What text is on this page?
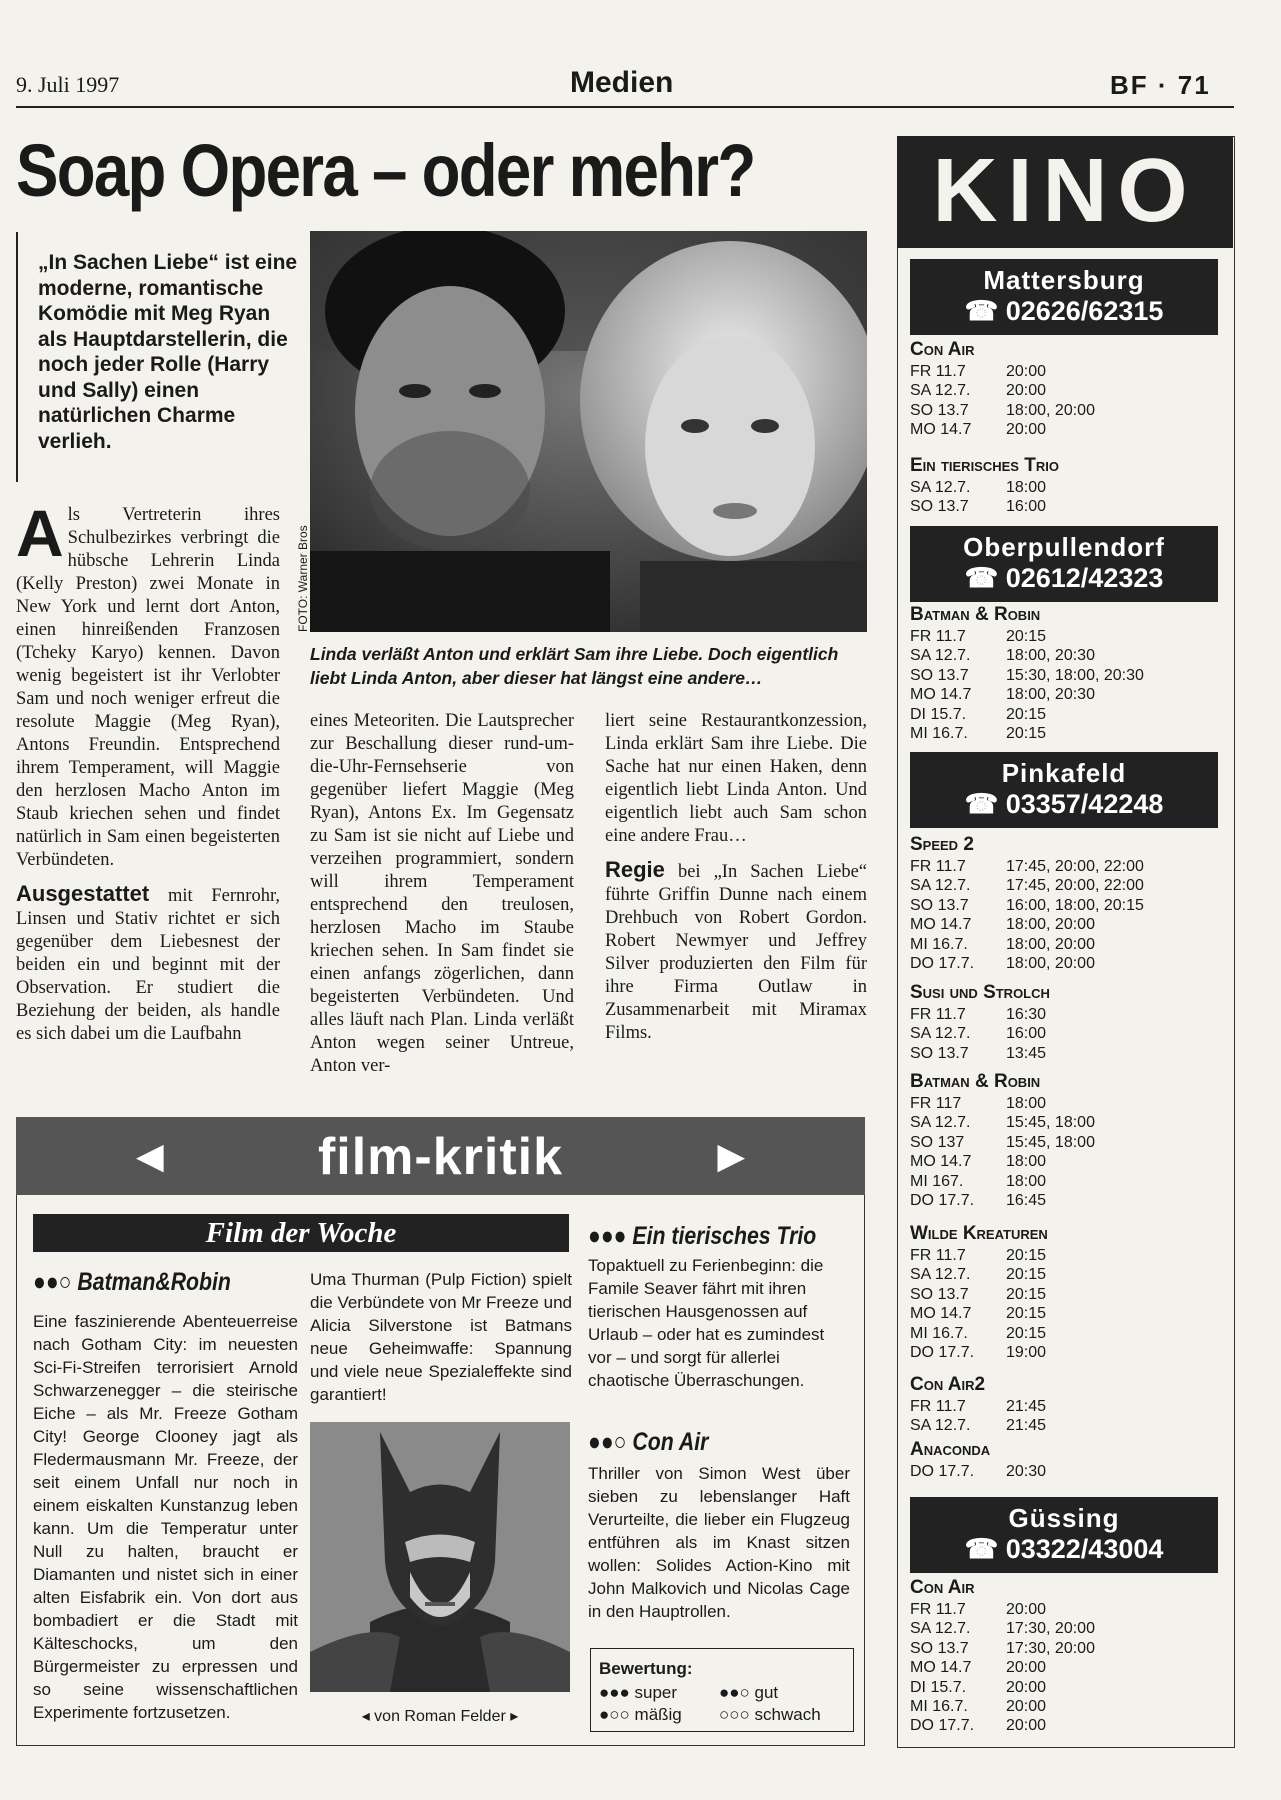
9. Juli 1997	Medien	BF · 71
Soap Opera – oder mehr?
„In Sachen Liebe“ ist eine moderne, romantische Komödie mit Meg Ryan als Hauptdarstellerin, die noch jeder Rolle (Harry und Sally) einen natürlichen Charme verlieh.
FOTO: Warner Bros
Linda verläßt Anton und erklärt Sam ihre Liebe. Doch eigentlich liebt Linda Anton, aber dieser hat längst eine andere…
Als Vertreterin ihres Schulbezirkes verbringt die hübsche Lehrerin Linda (Kelly Preston) zwei Monate in New York und lernt dort Anton, einen hinreißenden Franzosen (Tcheky Karyo) kennen. Davon wenig begeistert ist ihr Verlobter Sam und noch weniger erfreut die resolute Maggie (Meg Ryan), Antons Freundin. Entsprechend ihrem Temperament, will Maggie den herzlosen Macho Anton im Staub kriechen sehen und findet natürlich in Sam einen begeisterten Verbündeten.
Ausgestattet mit Fernrohr, Linsen und Stativ richtet er sich gegenüber dem Liebesnest der beiden ein und beginnt mit der Observation. Er studiert die Beziehung der beiden, als handle es sich dabei um die Laufbahn
eines Meteoriten. Die Lautsprecher zur Beschallung dieser rund-um-die-Uhr-Fernsehserie von gegenüber liefert Maggie (Meg Ryan), Antons Ex. Im Gegensatz zu Sam ist sie nicht auf Liebe und verzeihen programmiert, sondern will ihrem Temperament entsprechend den treulosen, herzlosen Macho im Staube kriechen sehen. In Sam findet sie einen anfangs zögerlichen, dann begeisterten Verbündeten. Und alles läuft nach Plan. Linda verläßt Anton wegen seiner Untreue, Anton ver-
liert seine Restaurantkonzession, Linda erklärt Sam ihre Liebe. Die Sache hat nur einen Haken, denn eigentlich liebt Linda Anton. Und eigentlich liebt auch Sam schon eine andere Frau…
Regie bei „In Sachen Liebe“ führte Griffin Dunne nach einem Drehbuch von Robert Gordon. Robert Newmyer und Jeffrey Silver produzierten den Film für ihre Firma Outlaw in Zusammenarbeit mit Miramax Films.
◀	film-kritik	▶
Film der Woche
●●○ Batman&Robin
Eine faszinierende Abenteuerreise nach Gotham City: im neuesten Sci-Fi-Streifen terrorisiert Arnold Schwarzenegger – die steirische Eiche – als Mr. Freeze Gotham City! George Clooney jagt als Fledermausmann Mr. Freeze, der seit einem Unfall nur noch in einem eiskalten Kunstanzug leben kann. Um die Temperatur unter Null zu halten, braucht er Diamanten und nistet sich in einer alten Eisfabrik ein. Von dort aus bombadiert er die Stadt mit Kälteschocks, um den Bürgermeister zu erpressen und so seine wissenschaftlichen Experimente fortzusetzen.
Uma Thurman (Pulp Fiction) spielt die Verbündete von Mr Freeze und Alicia Silverstone ist Batmans neue Geheimwaffe: Spannung und viele neue Spezialeffekte sind garantiert!
◂ von Roman Felder ▸
●●● Ein tierisches Trio
Topaktuell zu Ferienbeginn: die Famile Seaver fährt mit ihren tierischen Hausgenossen auf Urlaub – oder hat es zumindest vor – und sorgt für allerlei chaotische Überraschungen.
●●○ Con Air
Thriller von Simon West über sieben zu lebenslanger Haft Verurteilte, die lieber ein Flugzeug entführen als im Knast sitzen wollen: Solides Action-Kino mit John Malkovich und Nicolas Cage in den Hauptrollen.
Bewertung:
●●● super ●●○ gut
●○○ mäßig ○○○ schwach
KINO
Mattersburg
☎ 02626/62315
Oberpullendorf
☎ 02612/42323
Pinkafeld
☎ 03357/42248
Güssing
☎ 03322/43004
Con Air
FR 11.7	20:00
SA 12.7. 20:00
SO 13.7 18:00, 20:00
MO 14.7 20:00
Ein tierisches Trio
SA 12.7. 18:00
SO 13.7 16:00
Batman & Robin
FR 11.7	20:15
SA 12.7. 18:00, 20:30
SO 13.7 15:30, 18:00, 20:30
MO 14.7 18:00, 20:30
DI 15.7. 20:15
MI 16.7. 20:15
Speed 2
FR 11.7	17:45, 20:00, 22:00
SA 12.7. 17:45, 20:00, 22:00
SO 13.7 16:00, 18:00, 20:15
MO 14.7 18:00, 20:00
MI 16.7. 18:00, 20:00
DO 17.7. 18:00, 20:00
Susi und Strolch
FR 11.7	16:30
SA 12.7. 16:00
SO 13.7 13:45
Batman & Robin
FR 117	18:00
SA 12.7. 15:45, 18:00
SO 137	15:45, 18:00
MO 14.7 18:00
MI 167.	18:00
DO 17.7. 16:45
Wilde Kreaturen
FR 11.7	20:15
SA 12.7. 20:15
SO 13.7 20:15
MO 14.7 20:15
MI 16.7. 20:15
DO 17.7. 19:00
Con Air2
FR 11.7	21:45
SA 12.7. 21:45
Anaconda
DO 17.7. 20:30
Con Air
FR 11.7	20:00
SA 12.7. 17:30, 20:00
SO 13.7 17:30, 20:00
MO 14.7 20:00
DI 15.7. 20:00
MI 16.7. 20:00
DO 17.7. 20:00
